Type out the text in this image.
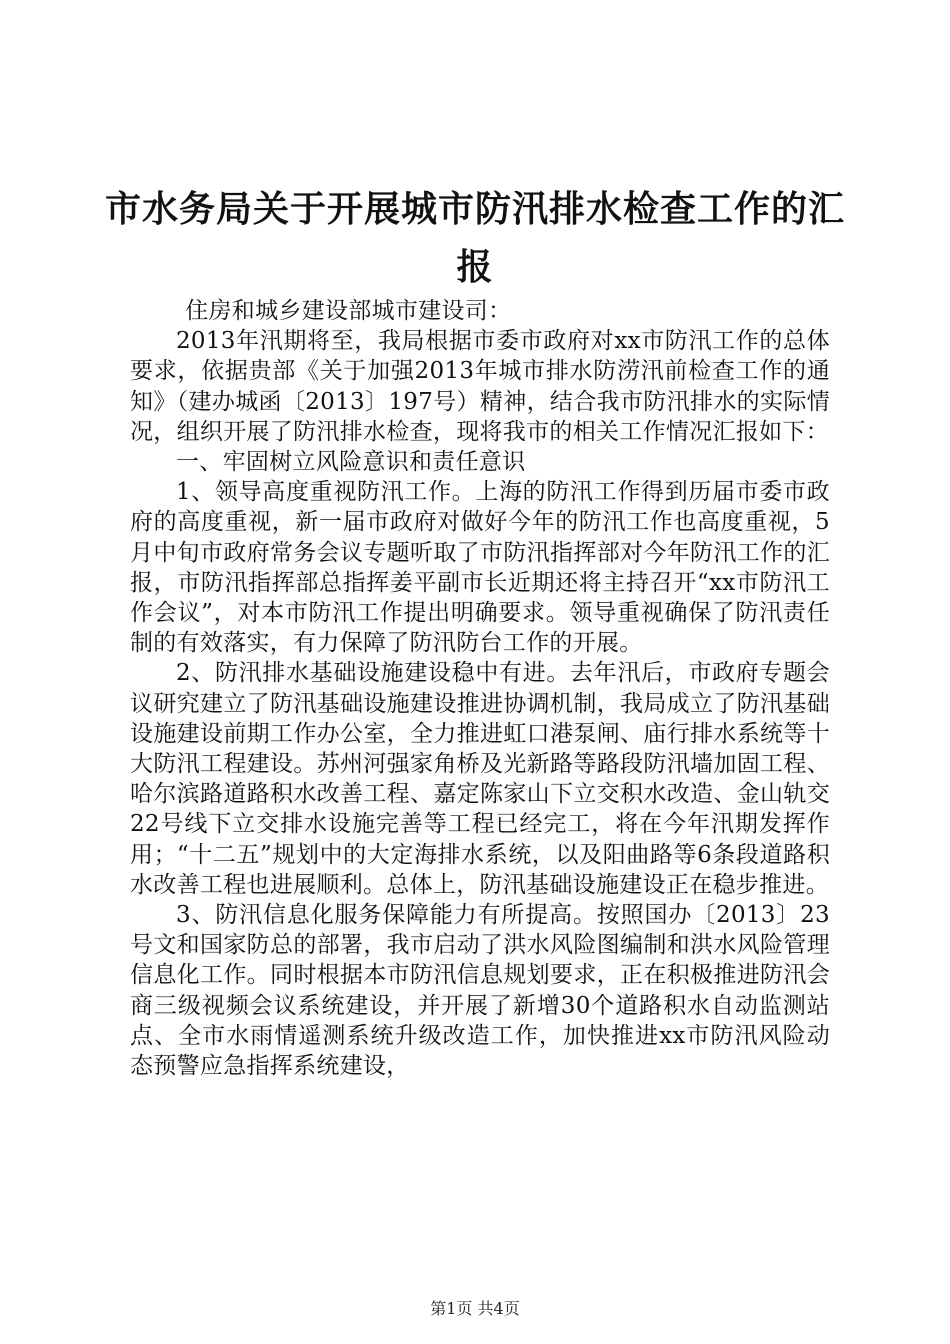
市水务局关于开展城市防汛排水检查工作的汇
报

住房和城乡建设部城市建设司：

2013年汛期将至，我局根据市委市政府对xx市防汛工作的总体要求，依据贵部《关于加强2013年城市排水防涝汛前检查工作的通知》（建办城函〔2013〕197号）精神，结合我市防汛排水的实际情况，组织开展了防汛排水检查，现将我市的相关工作情况汇报如下：

一、牢固树立风险意识和责任意识

1、领导高度重视防汛工作。上海的防汛工作得到历届市委市政府的高度重视，新一届市政府对做好今年的防汛工作也高度重视，5月中旬市政府常务会议专题听取了市防汛指挥部对今年防汛工作的汇报，市防汛指挥部总指挥姜平副市长近期还将主持召开“xx市防汛工作会议”，对本市防汛工作提出明确要求。领导重视确保了防汛责任制的有效落实，有力保障了防汛防台工作的开展。

2、防汛排水基础设施建设稳中有进。去年汛后，市政府专题会议研究建立了防汛基础设施建设推进协调机制，我局成立了防汛基础设施建设前期工作办公室，全力推进虹口港泵闸、庙行排水系统等十大防汛工程建设。苏州河强家角桥及光新路等路段防汛墙加固工程、哈尔滨路道路积水改善工程、嘉定陈家山下立交积水改造、金山轨交22号线下立交排水设施完善等工程已经完工，将在今年汛期发挥作用；“十二五”规划中的大定海排水系统，以及阳曲路等6条段道路积水改善工程也进展顺利。总体上，防汛基础设施建设正在稳步推进。

3、防汛信息化服务保障能力有所提高。按照国办〔2013〕23号文和国家防总的部署，我市启动了洪水风险图编制和洪水风险管理信息化工作。同时根据本市防汛信息规划要求，正在积极推进防汛会商三级视频会议系统建设，并开展了新增30个道路积水自动监测站点、全市水雨情遥测系统升级改造工作，加快推进xx市防汛风险动态预警应急指挥系统建设，

第1页 共4页
